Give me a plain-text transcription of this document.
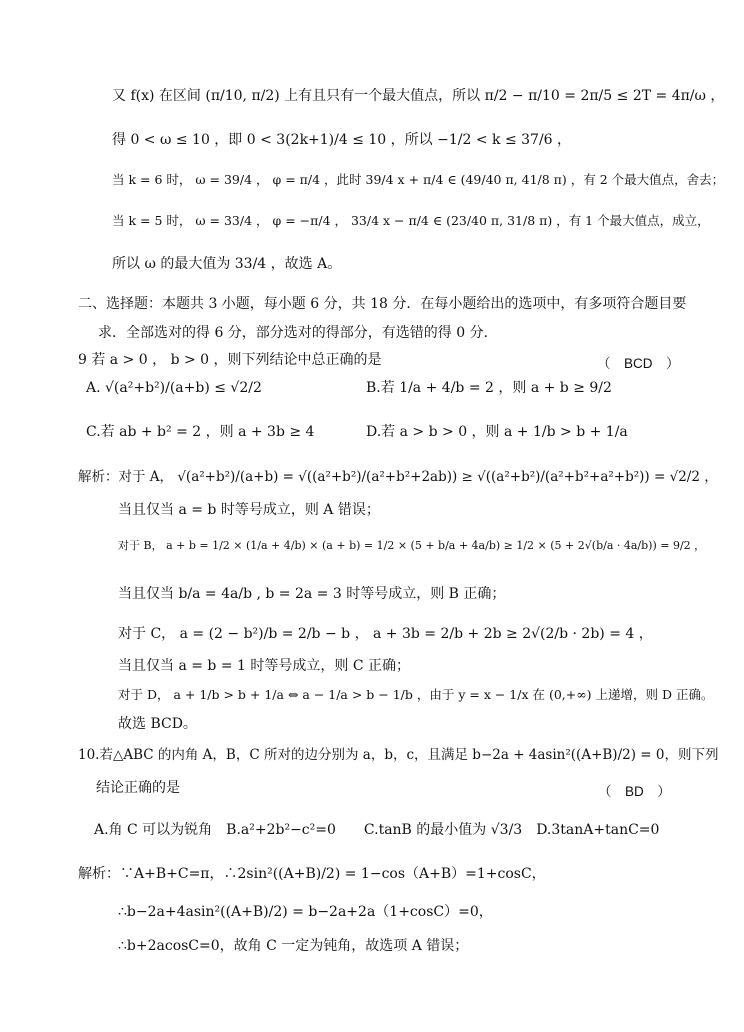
又 f(x) 在区间 (π/10, π/2) 上有且只有一个最大值点，所以 π/2 − π/10 = 2π/5 ≤ 2T = 4π/ω ，
得 0 < ω ≤ 10 ，即 0 < 3(2k+1)/4 ≤ 10 ，所以 −1/2 < k ≤ 37/6 ，
当 k = 6 时， ω = 39/4 ， φ = π/4 ，此时 39/4 x + π/4 ∈ (49/40 π, 41/8 π) ，有 2 个最大值点，舍去；
当 k = 5 时， ω = 33/4 ， φ = −π/4 ， 33/4 x − π/4 ∈ (23/40 π, 31/8 π) ，有 1 个最大值点，成立，
所以 ω 的最大值为 33/4 ，故选 A。
二、选择题：本题共 3 小题，每小题 6 分，共 18 分．在每小题给出的选项中，有多项符合题目要
求．全部选对的得 6 分，部分选对的得部分，有选错的得 0 分．
9 若 a > 0 ， b > 0 ，则下列结论中总正确的是	（　BCD　）
A. √(a²+b²)/(a+b) ≤ √2/2	B.若 1/a + 4/b = 2 ，则 a + b ≥ 9/2
C.若 ab + b² = 2 ，则 a + 3b ≥ 4	D.若 a > b > 0 ，则 a + 1/b > b + 1/a
解析：对于 A， √(a²+b²)/(a+b) = √((a²+b²)/(a²+b²+2ab)) ≥ √((a²+b²)/(a²+b²+a²+b²)) = √2/2 ，
当且仅当 a = b 时等号成立，则 A 错误；
对于 B， a + b = 1/2 × (1/a + 4/b) × (a + b) = 1/2 × (5 + b/a + 4a/b) ≥ 1/2 × (5 + 2√(b/a · 4a/b)) = 9/2 ，
当且仅当 b/a = 4a/b , b = 2a = 3 时等号成立，则 B 正确；
对于 C， a = (2 − b²)/b = 2/b − b ， a + 3b = 2/b + 2b ≥ 2√(2/b · 2b) = 4 ，
当且仅当 a = b = 1 时等号成立，则 C 正确；
对于 D， a + 1/b > b + 1/a ⇔ a − 1/a > b − 1/b ，由于 y = x − 1/x 在 (0,+∞) 上递增，则 D 正确。
故选 BCD。
10.若△ABC 的内角 A，B，C 所对的边分别为 a，b，c，且满足 b−2a + 4asin²((A+B)/2) = 0，则下列
结论正确的是	（　BD　）
A.角 C 可以为锐角　B.a²+2b²−c²=0　　C.tanB 的最小值为 √3/3　D.3tanA+tanC=0
解析：∵A+B+C=π，∴2sin²((A+B)/2) = 1−cos（A+B）=1+cosC，
∴b−2a+4asin²((A+B)/2) = b−2a+2a（1+cosC）=0，
∴b+2acosC=0，故角 C 一定为钝角，故选项 A 错误；
